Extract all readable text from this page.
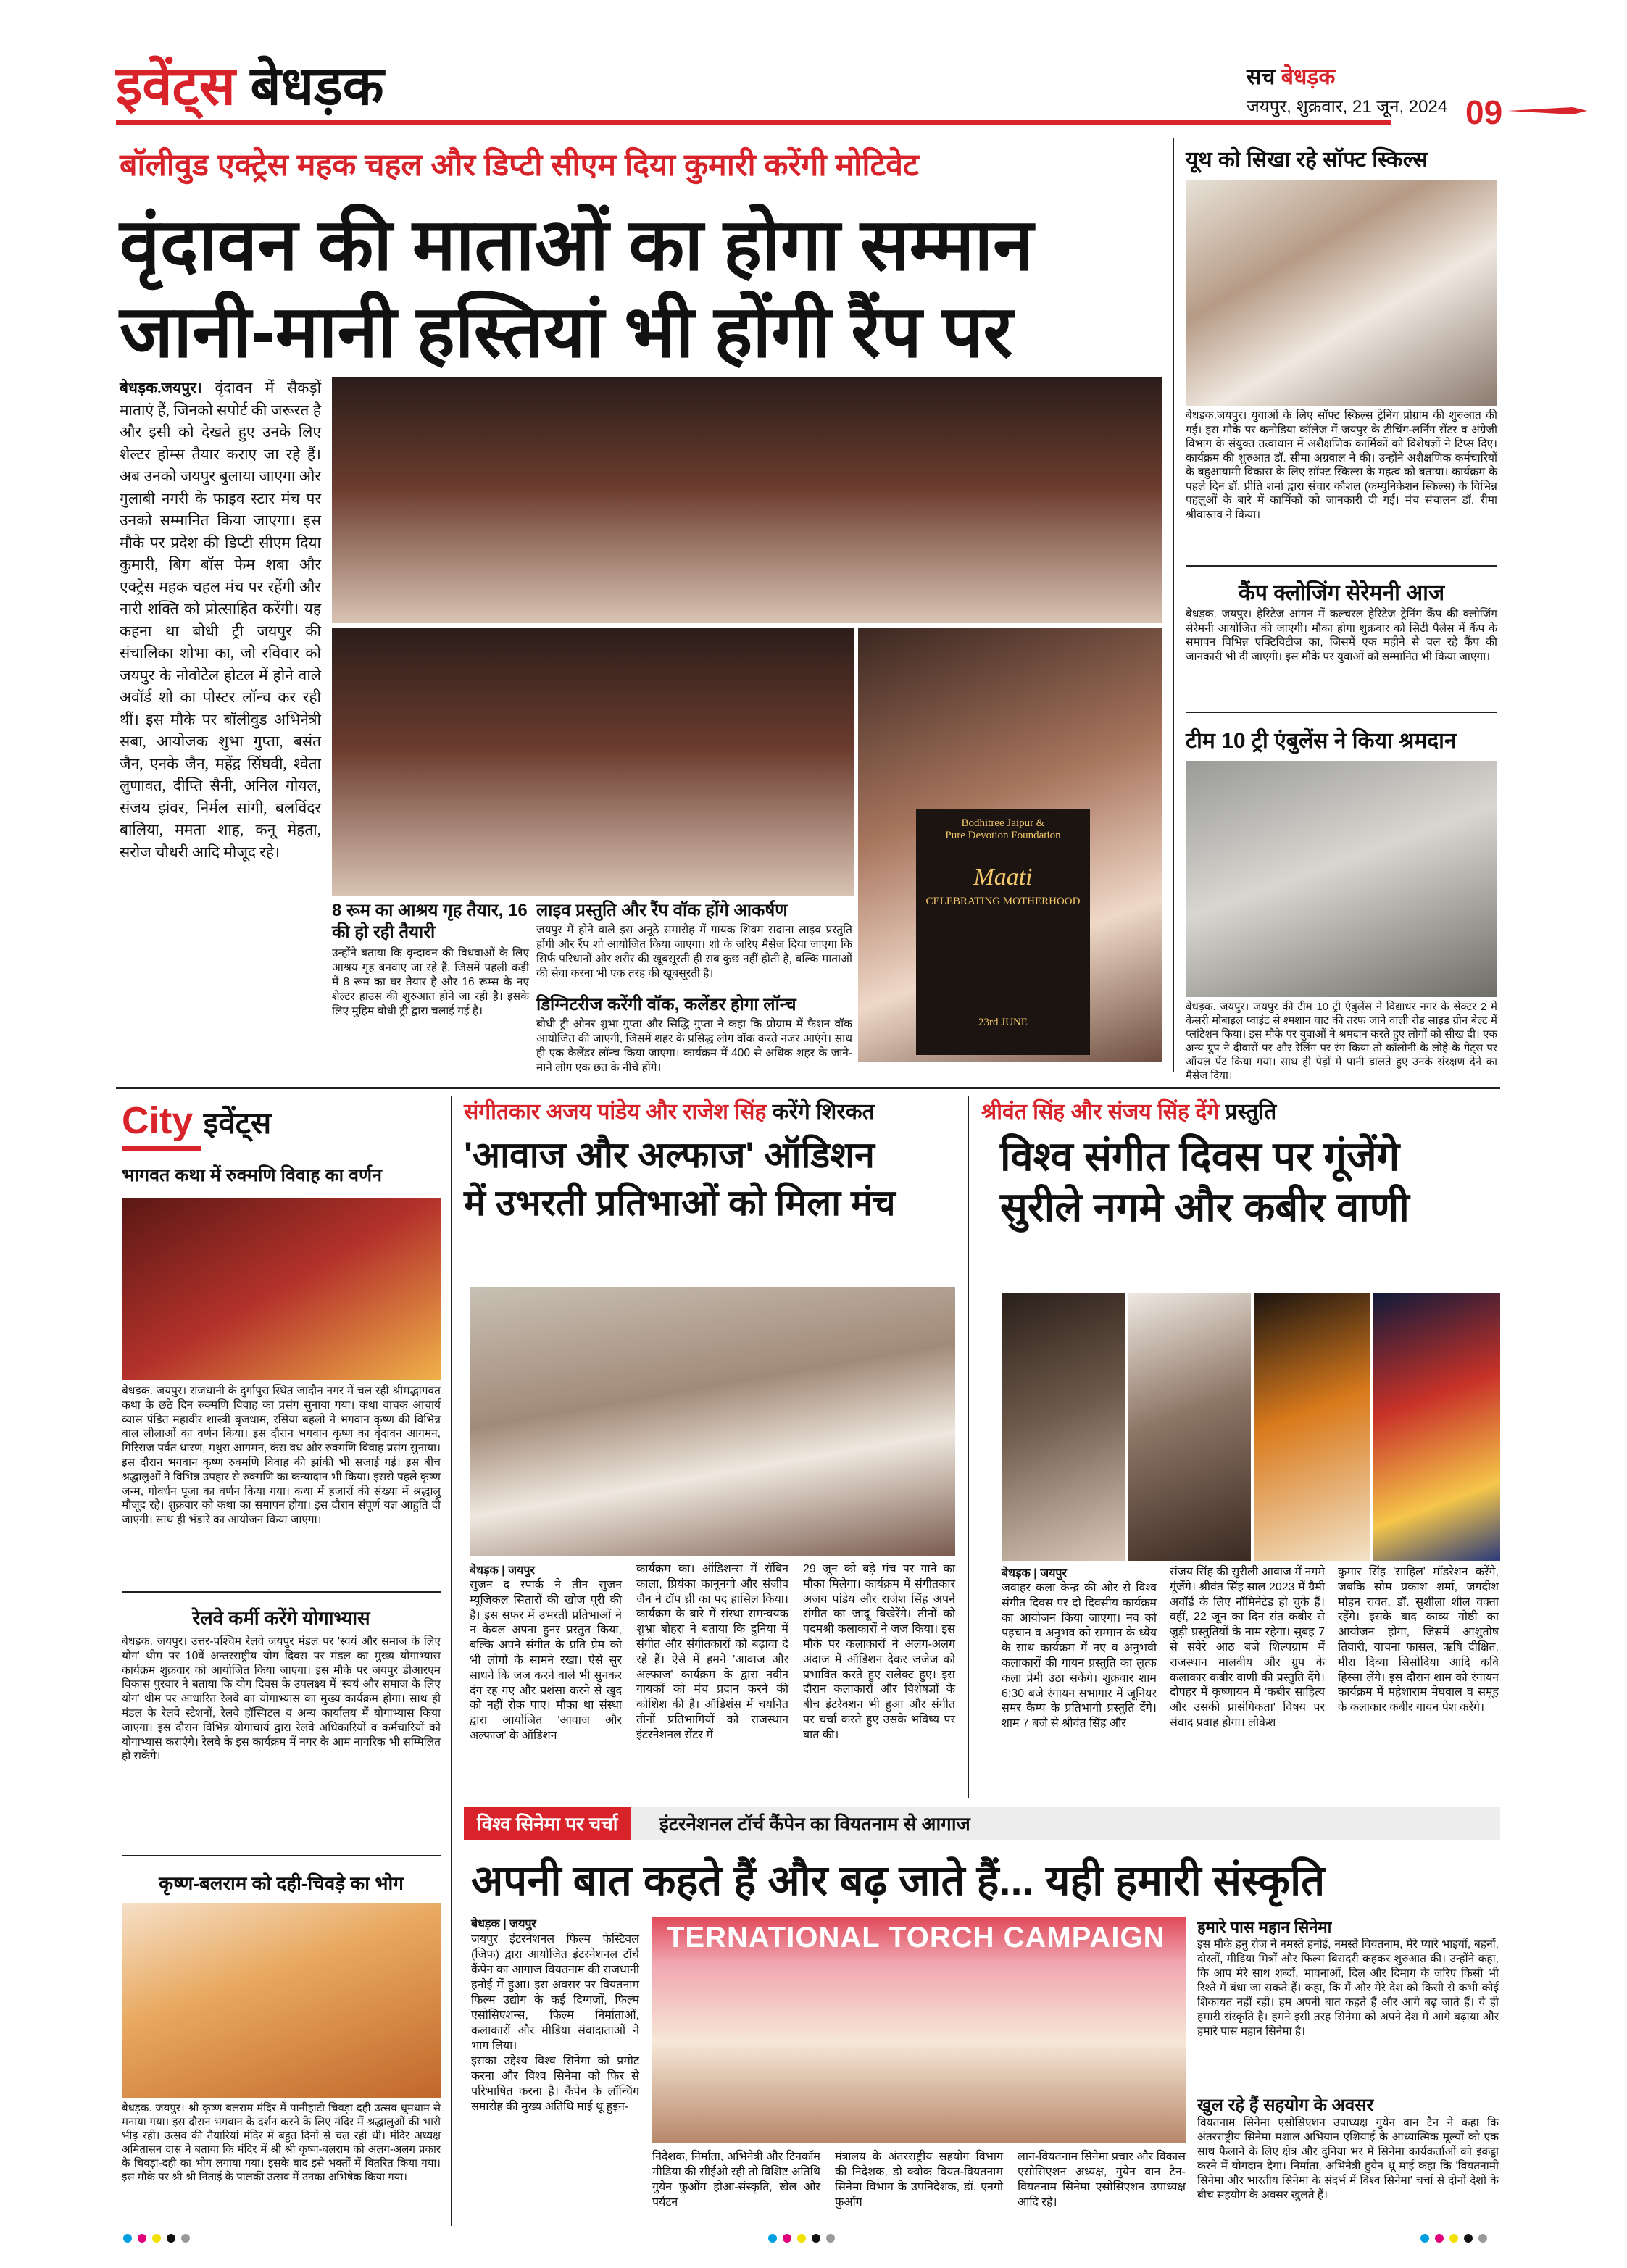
इवेंट्स बेधड़क	सच बेधड़क
जयपुर, शुक्रवार, 21 जून, 2024 09
बॉलीवुड एक्ट्रेस महक चहल और डिप्टी सीएम दिया कुमारी करेंगी मोटिवेट
वृंदावन की माताओं का होगा सम्मान
जानी-मानी हस्तियां भी होंगी रैंप पर
बेधड़क.जयपुर। वृंदावन में सैकड़ों माताएं हैं, जिनको सपोर्ट की जरूरत है और इसी को देखते हुए उनके लिए शेल्टर होम्स तैयार कराए जा रहे हैं। अब उनको जयपुर बुलाया जाएगा और गुलाबी नगरी के फाइव स्टार मंच पर उनको सम्मानित किया जाएगा। इस मौके पर प्रदेश की डिप्टी सीएम दिया कुमारी, बिग बॉस फेम शबा और एक्ट्रेस महक चहल मंच पर रहेंगी और नारी शक्ति को प्रोत्साहित करेंगी। यह कहना था बोधी ट्री जयपुर की संचालिका शोभा का, जो रविवार को जयपुर के नोवोटेल होटल में होने वाले अवॉर्ड शो का पोस्टर लॉन्च कर रही थीं। इस मौके पर बॉलीवुड अभिनेत्री सबा, आयोजक शुभा गुप्ता, बसंत जैन, एनके जैन, महेंद्र सिंघवी, श्वेता लुणावत, दीप्ति सैनी, अनिल गोयल, संजय झंवर, निर्मल सांगी, बलविंदर बालिया, ममता शाह, कनू मेहता, सरोज चौधरी आदि मौजूद रहे।
Bodhitree Jaipur &
Pure Devotion Foundation
Maati
CELEBRATING MOTHERHOOD
23rd JUNE
8 रूम का आश्रय गृह तैयार, 16 की हो रही तैयारी
उन्होंने बताया कि वृन्दावन की विधवाओं के लिए आश्रय गृह बनवाए जा रहे हैं, जिसमें पहली कड़ी में 8 रूम का घर तैयार है और 16 रूम्स के नए शेल्टर हाउस की शुरुआत होने जा रही है। इसके लिए मुहिम बोधी ट्री द्वारा चलाई गई है।
लाइव प्रस्तुति और रैंप वॉक होंगे आकर्षण
जयपुर में होने वाले इस अनूठे समारोह में गायक शिवम सदाना लाइव प्रस्तुति होंगी और रैंप शो आयोजित किया जाएगा। शो के जरिए मैसेज दिया जाएगा कि सिर्फ परिधानों और शरीर की खूबसूरती ही सब कुछ नहीं होती है, बल्कि माताओं की सेवा करना भी एक तरह की खूबसूरती है।
डिग्निटरीज करेंगी वॉक, कलेंडर होगा लॉन्च
बोधी ट्री ओनर शुभा गुप्ता और सिद्धि गुप्ता ने कहा कि प्रोग्राम में फैशन वॉक आयोजित की जाएगी, जिसमें शहर के प्रसिद्ध लोग वॉक करते नजर आएंगे। साथ ही एक कैलेंडर लॉन्च किया जाएगा। कार्यक्रम में 400 से अधिक शहर के जाने-माने लोग एक छत के नीचे होंगे।
यूथ को सिखा रहे सॉफ्ट स्किल्स
बेधड़क.जयपुर। युवाओं के लिए सॉफ्ट स्किल्स ट्रेनिंग प्रोग्राम की शुरुआत की गई। इस मौके पर कनोडिया कॉलेज में जयपुर के टीचिंग-लर्निंग सेंटर व अंग्रेजी विभाग के संयुक्त तत्वाधान में अशैक्षणिक कार्मिकों को विशेषज्ञों ने टिप्स दिए। कार्यक्रम की शुरुआत डॉ. सीमा अग्रवाल ने की। उन्होंने अशैक्षणिक कर्मचारियों के बहुआयामी विकास के लिए सॉफ्ट स्किल्स के महत्व को बताया। कार्यक्रम के पहले दिन डॉ. प्रीति शर्मा द्वारा संचार कौशल (कम्युनिकेशन स्किल्स) के विभिन्न पहलुओं के बारे में कार्मिकों को जानकारी दी गई। मंच संचालन डॉ. रीमा श्रीवास्तव ने किया।
कैंप क्लोजिंग सेरेमनी आज
बेधड़क. जयपुर। हेरिटेज आंगन में कल्चरल हेरिटेज ट्रेनिंग कैंप की क्लोजिंग सेरेमनी आयोजित की जाएगी। मौका होगा शुक्रवार को सिटी पैलेस में कैंप के समापन विभिन्न एक्टिविटीज का, जिसमें एक महीने से चल रहे कैंप की जानकारी भी दी जाएगी। इस मौके पर युवाओं को सम्मानित भी किया जाएगा।
टीम 10 ट्री एंबुलेंस ने किया श्रमदान
बेधड़क. जयपुर। जयपुर की टीम 10 ट्री एंबुलेंस ने विद्याधर नगर के सेक्टर 2 में केसरी मोबाइल प्वाइंट से श्मशान घाट की तरफ जाने वाली रोड साइड ग्रीन बेल्ट में प्लांटेशन किया। इस मौके पर युवाओं ने श्रमदान करते हुए लोगों को सीख दी। एक अन्य ग्रुप ने दीवारों पर और रेलिंग पर रंग किया तो कॉलोनी के लोहे के गेट्स पर ऑयल पेंट किया गया। साथ ही पेड़ों में पानी डालते हुए उनके संरक्षण देने का मैसेज दिया।
City इवेंट्स
भागवत कथा में रुक्मणि विवाह का वर्णन
बेधड़क. जयपुर। राजधानी के दुर्गापुरा स्थित जादौन नगर में चल रही श्रीमद्भागवत कथा के छठे दिन रुक्मणि विवाह का प्रसंग सुनाया गया। कथा वाचक आचार्य व्यास पंडित महावीर शास्त्री बृजधाम, रसिया बहलो ने भगवान कृष्ण की विभिन्न बाल लीलाओं का वर्णन किया। इस दौरान भगवान कृष्ण का वृंदावन आगमन, गिरिराज पर्वत धारण, मथुरा आगमन, कंस वध और रुक्मणि विवाह प्रसंग सुनाया। इस दौरान भगवान कृष्ण रुक्मणि विवाह की झांकी भी सजाई गई। इस बीच श्रद्धालुओं ने विभिन्न उपहार से रुक्मणि का कन्यादान भी किया। इससे पहले कृष्ण जन्म, गोवर्धन पूजा का वर्णन किया गया। कथा में हजारों की संख्या में श्रद्धालु मौजूद रहे। शुक्रवार को कथा का समापन होगा। इस दौरान संपूर्ण यज्ञ आहुति दी जाएगी। साथ ही भंडारे का आयोजन किया जाएगा।
रेलवे कर्मी करेंगे योगाभ्यास
बेधड़क. जयपुर। उत्तर-पश्चिम रेलवे जयपुर मंडल पर 'स्वयं और समाज के लिए योग' थीम पर 10वें अन्तरराष्ट्रीय योग दिवस पर मंडल का मुख्य योगाभ्यास कार्यक्रम शुक्रवार को आयोजित किया जाएगा। इस मौके पर जयपुर डीआरएम विकास पुरवार ने बताया कि योग दिवस के उपलक्ष्य में 'स्वयं और समाज के लिए योग' थीम पर आधारित रेलवे का योगाभ्यास का मुख्य कार्यक्रम होगा। साथ ही मंडल के रेलवे स्टेशनों, रेलवे हॉस्पिटल व अन्य कार्यालय में योगाभ्यास किया जाएगा। इस दौरान विभिन्न योगाचार्य द्वारा रेलवे अधिकारियों व कर्मचारियों को योगाभ्यास कराएंगे। रेलवे के इस कार्यक्रम में नगर के आम नागरिक भी सम्मिलित हो सकेंगे।
कृष्ण-बलराम को दही-चिवड़े का भोग
बेधड़क. जयपुर। श्री कृष्ण बलराम मंदिर में पानीहाटी चिवड़ा दही उत्सव धूमधाम से मनाया गया। इस दौरान भगवान के दर्शन करने के लिए मंदिर में श्रद्धालुओं की भारी भीड़ रही। उत्सव की तैयारियां मंदिर में बहुत दिनों से चल रही थी। मंदिर अध्यक्ष अमितासन दास ने बताया कि मंदिर में श्री श्री कृष्ण-बलराम को अलग-अलग प्रकार के चिवड़ा-दही का भोग लगाया गया। इसके बाद इसे भक्तों में वितरित किया गया। इस मौके पर श्री श्री निताई के पालकी उत्सव में उनका अभिषेक किया गया।
संगीतकार अजय पांडेय और राजेश सिंह करेंगे शिरकत
'आवाज और अल्फाज' ऑडिशन
में उभरती प्रतिभाओं को मिला मंच
बेधड़क | जयपुर
सुजन द स्पार्क ने तीन सुजन म्यूजिकल सितारों की खोज पूरी की है। इस सफर में उभरती प्रतिभाओं ने न केवल अपना हुनर प्रस्तुत किया, बल्कि अपने संगीत के प्रति प्रेम को भी लोगों के सामने रखा। ऐसे सुर साधने कि जज करने वाले भी सुनकर दंग रह गए और प्रशंसा करने से खुद को नहीं रोक पाए। मौका था संस्था द्वारा आयोजित 'आवाज और अल्फाज' के ऑडिशन
कार्यक्रम का। ऑडिशन्स में रॉबिन काला, प्रियंका कानूनगो और संजीव जैन ने टॉप थ्री का पद हासिल किया। कार्यक्रम के बारे में संस्था समन्वयक शुभ्रा बोहरा ने बताया कि दुनिया में संगीत और संगीतकारों को बढ़ावा दे रहे हैं। ऐसे में हमने 'आवाज और अल्फाज' कार्यक्रम के द्वारा नवीन गायकों को मंच प्रदान करने की कोशिश की है। ऑडिशंस में चयनित तीनों प्रतिभागियों को राजस्थान इंटरनेशनल सेंटर में
29 जून को बड़े मंच पर गाने का मौका मिलेगा। कार्यक्रम में संगीतकार अजय पांडेय और राजेश सिंह अपने संगीत का जादू बिखेरेंगे। तीनों को पदमश्री कलाकारों ने जज किया। इस मौके पर कलाकारों ने अलग-अलग अंदाज में ऑडिशन देकर जजेज को प्रभावित करते हुए सलेक्ट हुए। इस दौरान कलाकारों और विशेषज्ञों के बीच इंटरेक्शन भी हुआ और संगीत पर चर्चा करते हुए उसके भविष्य पर बात की।
श्रीवंत सिंह और संजय सिंह देंगे प्रस्तुति
विश्व संगीत दिवस पर गूंजेंगे
सुरीले नगमे और कबीर वाणी
बेधड़क | जयपुर
जवाहर कला केन्द्र की ओर से विश्व संगीत दिवस पर दो दिवसीय कार्यक्रम का आयोजन किया जाएगा। नव को पहचान व अनुभव को सम्मान के ध्येय के साथ कार्यक्रम में नए व अनुभवी कलाकारों की गायन प्रस्तुति का लुत्फ कला प्रेमी उठा सकेंगे। शुक्रवार शाम 6:30 बजे रंगायन सभागार में जूनियर समर कैम्प के प्रतिभागी प्रस्तुति देंगे। शाम 7 बजे से श्रीवंत सिंह और
संजय सिंह की सुरीली आवाज में नगमे गूंजेंगे। श्रीवंत सिंह साल 2023 में ग्रैमी अवॉर्ड के लिए नॉमिनेटेड हो चुके हैं। वहीं, 22 जून का दिन संत कबीर से जुड़ी प्रस्तुतियों के नाम रहेगा। सुबह 7 से सवेरे आठ बजे शिल्पग्राम में राजस्थान मालवीय और ग्रुप के कलाकार कबीर वाणी की प्रस्तुति देंगे। दोपहर में कृष्णायन में 'कबीर साहित्य और उसकी प्रासंगिकता' विषय पर संवाद प्रवाह होगा। लोकेश
कुमार सिंह 'साहिल' मॉडरेशन करेंगे, जबकि सोम प्रकाश शर्मा, जगदीश मोहन रावत, डॉ. सुशीला शील वक्ता रहेंगे। इसके बाद काव्य गोष्ठी का आयोजन होगा, जिसमें आशुतोष तिवारी, याचना फासल, ऋषि दीक्षित, मीरा दिव्या सिसोदिया आदि कवि हिस्सा लेंगे। इस दौरान शाम को रंगायन कार्यक्रम में महेशाराम मेघवाल व समूह के कलाकार कबीर गायन पेश करेंगे।
विश्व सिनेमा पर चर्चा	इंटरनेशनल टॉर्च कैंपेन का वियतनाम से आगाज
अपनी बात कहते हैं और बढ़ जाते हैं... यही हमारी संस्कृति
बेधड़क | जयपुर
जयपुर इंटरनेशनल फिल्म फेस्टिवल (जिफ) द्वारा आयोजित इंटरनेशनल टॉर्च कैंपेन का आगाज वियतनाम की राजधानी हनोई में हुआ। इस अवसर पर वियतनाम फिल्म उद्योग के कई दिग्गजों, फिल्म एसोसिएशन्स, फिल्म निर्माताओं, कलाकारों और मीडिया संवादाताओं ने भाग लिया।
इसका उद्देश्य विश्व सिनेमा को प्रमोट करना और विश्व सिनेमा को फिर से परिभाषित करना है। कैंपेन के लॉन्चिंग समारोह की मुख्य अतिथि माई थू हुइन-
TERNATIONAL TORCH CAMPAIGN
निदेशक, निर्माता, अभिनेत्री और टिनकॉम मीडिया की सीईओ रही तो विशिष्ट अतिथि गुयेन फुओंग होआ-संस्कृति, खेल और पर्यटन
मंत्रालय के अंतरराष्ट्रीय सहयोग विभाग की निदेशक, डो क्वोक वियत-वियतनाम सिनेमा विभाग के उपनिदेशक, डॉ. एनगो फुओंग
लान-वियतनाम सिनेमा प्रचार और विकास एसोसिएशन अध्यक्ष, गुयेन वान टैन-वियतनाम सिनेमा एसोसिएशन उपाध्यक्ष आदि रहे।
हमारे पास महान सिनेमा
इस मौके हनु रोज ने नमस्ते हनोई, नमस्ते वियतनाम, मेरे प्यारे भाइयों, बहनों, दोस्तों, मीडिया मित्रों और फिल्म बिरादरी कहकर शुरुआत की। उन्होंने कहा, कि आप मेरे साथ शब्दों, भावनाओं, दिल और दिमाग के जरिए किसी भी रिश्ते में बंधा जा सकते हैं। कहा, कि मैं और मेरे देश को किसी से कभी कोई शिकायत नहीं रही। हम अपनी बात कहते हैं और आगे बढ़ जाते हैं। ये ही हमारी संस्कृति है। हमने इसी तरह सिनेमा को अपने देश में आगे बढ़ाया और हमारे पास महान सिनेमा है।
खुल रहे हैं सहयोग के अवसर
वियतनाम सिनेमा एसोसिएशन उपाध्यक्ष गुयेन वान टैन ने कहा कि अंतरराष्ट्रीय सिनेमा मशाल अभियान एशियाई के आध्यात्मिक मूल्यों को एक साथ फैलाने के लिए क्षेत्र और दुनिया भर में सिनेमा कार्यकर्ताओं को इकट्ठा करने में योगदान देगा। निर्माता, अभिनेत्री हुयेन थू माई कहा कि 'वियतनामी सिनेमा और भारतीय सिनेमा के संदर्भ में विश्व सिनेमा' चर्चा से दोनों देशों के बीच सहयोग के अवसर खुलते हैं।
